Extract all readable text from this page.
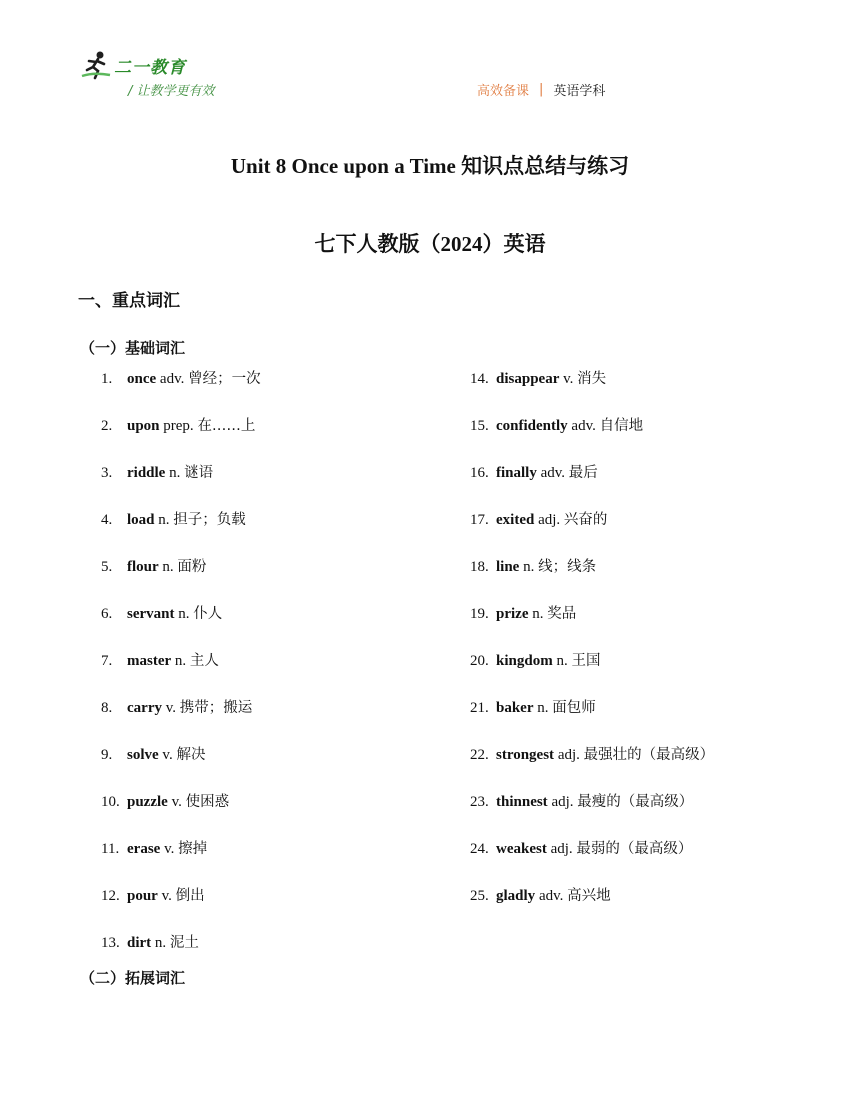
二一教育
/ 让教学更有效	高效备课 | 英语学科
Unit 8 Once upon a Time 知识点总结与练习
七下人教版（2024）英语
一、重点词汇
（一）基础词汇
1. once adv. 曾经；一次
2. upon prep. 在……上
3. riddle n. 谜语
4. load n. 担子；负载
5. flour n. 面粉
6. servant n. 仆人
7. master n. 主人
8. carry v. 携带；搬运
9. solve v. 解决
10. puzzle v. 使困惑
11. erase v. 擦掉
12. pour v. 倒出
13. dirt n. 泥土
14. disappear v. 消失
15. confidently adv. 自信地
16. finally adv. 最后
17. exited adj. 兴奋的
18. line n. 线；线条
19. prize n. 奖品
20. kingdom n. 王国
21. baker n. 面包师
22. strongest adj. 最强壮的（最高级）
23. thinnest adj. 最瘦的（最高级）
24. weakest adj. 最弱的（最高级）
25. gladly adv. 高兴地
（二）拓展词汇
